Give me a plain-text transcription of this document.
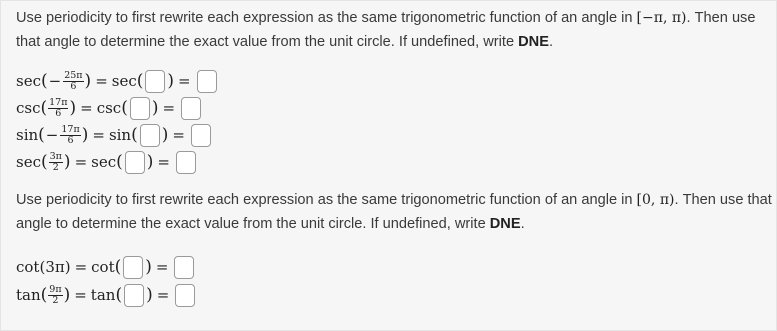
Use periodicity to first rewrite each expression as the same trigonometric function of an angle in [−π, π). Then use that angle to determine the exact value from the unit circle. If undefined, write DNE.
sec ( − $\frac{25\pi}{6}$ ) = sec ( ) =
csc ( $\frac{17\pi}{6}$ ) = csc ( ) =
sin ( − $\frac{17\pi}{6}$ ) = sin ( ) =
sec ( $\frac{3\pi}{2}$ ) = sec ( ) =
Use periodicity to first rewrite each expression as the same trigonometric function of an angle in [0, π). Then use that angle to determine the exact value from the unit circle. If undefined, write DNE.
cot (3π) = cot ( ) =
tan ( $\frac{9\pi}{2}$ ) = tan ( ) =
